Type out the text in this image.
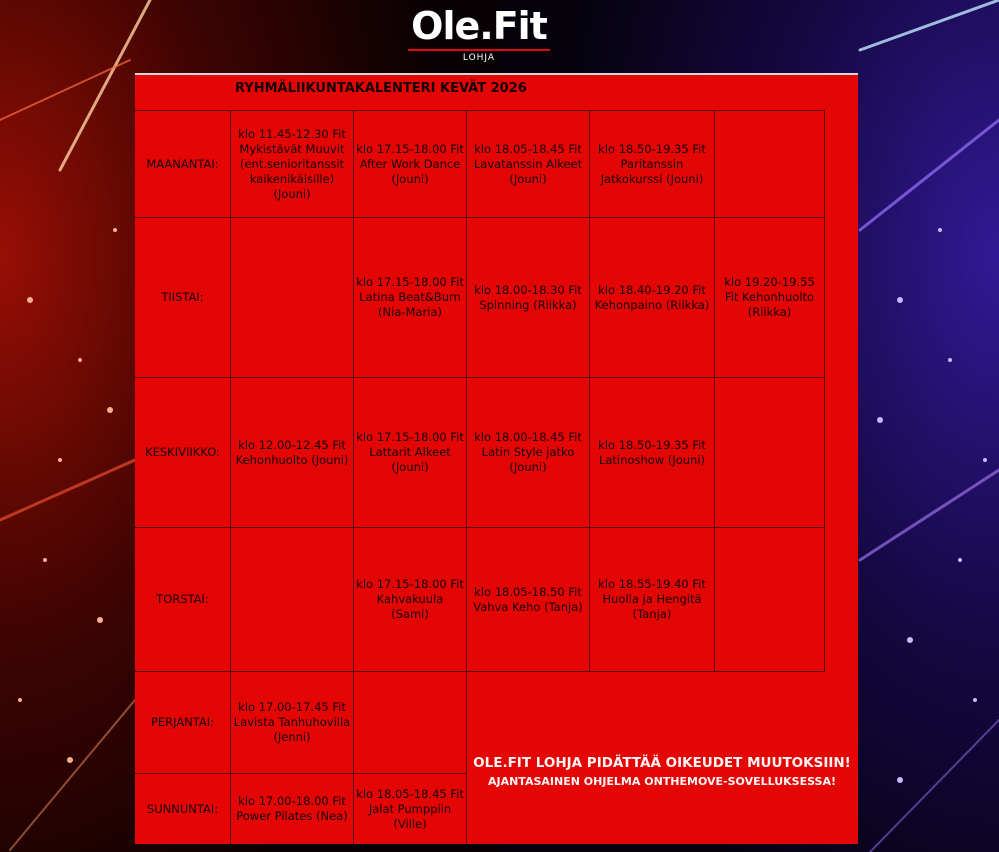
Ole.Fit
LOHJA
RYHMÄLIIKUNTAKALENTERI KEVÄT 2026
MAANANTAI:
klo 11.45-12.30 Fit Mykistävät Muuvit (ent.senioritanssit kaikenikäisille) (Jouni)
klo 17.15-18.00 Fit After Work Dance (Jouni)
klo 18.05-18.45 Fit Lavatanssin Alkeet (Jouni)
klo 18.50-19.35 Fit Paritanssin Jatkokurssi (Jouni)
TIISTAI:
klo 17.15-18.00 Fit Latina Beat&Burn (Nia-Maria)
klo 18.00-18.30 Fit Spinning (Riikka)
klo 18.40-19.20 Fit Kehonpaino (Riikka)
klo 19.20-19.55 Fit Kehonhuolto (Riikka)
KESKIVIIKKO:
klo 12.00-12.45 Fit Kehonhuolto (Jouni)
klo 17.15-18.00 Fit Lattarit Alkeet (Jouni)
klo 18.00-18.45 Fit Latin Style jatko (Jouni)
klo 18.50-19.35 Fit Latinoshow (Jouni)
TORSTAI:
klo 17.15-18.00 Fit Kahvakuula (Sami)
klo 18.05-18.50 Fit Vahva Keho (Tanja)
klo 18.55-19.40 Fit Huolla ja Hengitä (Tanja)
PERJANTAI:
klo 17.00-17.45 Fit Lavista Tanhuhovilla (Jenni)
SUNNUNTAI:
klo 17.00-18.00 Fit Power Pilates (Nea)
klo 18.05-18.45 Fit Jalat Pumppiin (Ville)
OLE.FIT LOHJA PIDÄTTÄÄ OIKEUDET MUUTOKSIIN!
AJANTASAINEN OHJELMA ONTHEMOVE-SOVELLUKSESSA!
